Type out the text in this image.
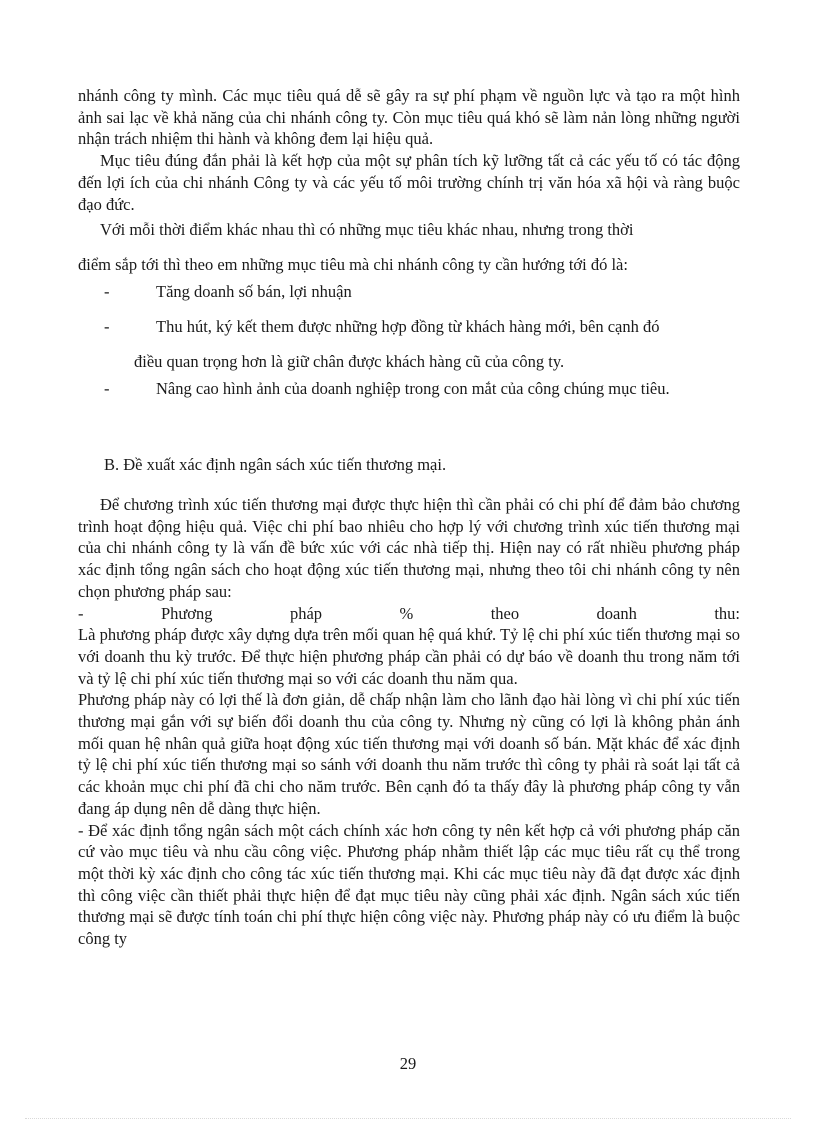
nhánh công ty mình. Các mục tiêu quá dễ sẽ gây ra sự phí phạm về nguồn lực và tạo ra một hình ảnh sai lạc về khả năng của chi nhánh công ty. Còn mục tiêu quá khó sẽ làm nản lòng những người nhận trách nhiệm thi hành và không đem lại hiệu quả.

Mục tiêu đúng đắn phải là kết hợp của một sự phân tích kỹ lưỡng tất cả các yếu tố có tác động đến lợi ích của chi nhánh Công ty và các yếu tố môi trường chính trị văn hóa xã hội và ràng buộc đạo đức.

Với mỗi thời điểm khác nhau thì có những mục tiêu khác nhau, nhưng trong thời
điểm sắp tới thì theo em những mục tiêu mà chi nhánh công ty cần hướng tới đó là:
-	Tăng doanh số bán, lợi nhuận
-	Thu hút, ký kết them được những hợp đồng từ khách hàng mới, bên cạnh đó
điều quan trọng hơn là giữ chân được khách hàng cũ của công ty.
-	Nâng cao hình ảnh của doanh nghiệp trong con mắt của công chúng mục tiêu.
B. Đề xuất xác định ngân sách xúc tiến thương mại.

Để chương trình xúc tiến thương mại được thực hiện thì cần phải có chi phí để đảm bảo chương trình hoạt động hiệu quả. Việc chi phí bao nhiêu cho hợp lý với chương trình xúc tiến thương mại của chi nhánh công ty là vấn đề bức xúc với các nhà tiếp thị. Hiện nay có rất nhiều phương pháp xác định tổng ngân sách cho hoạt động xúc tiến thương mại, nhưng theo tôi chi nhánh công ty nên chọn phương pháp sau:

-	Phương	pháp	%	theo	doanh	thu:

Là phương pháp được xây dựng dựa trên mối quan hệ quá khứ. Tỷ lệ chi phí xúc tiến thương mại so với doanh thu kỳ trước. Để thực hiện phương pháp cần phải có dự báo về doanh thu trong năm tới và tỷ lệ chi phí xúc tiến thương mại so với các doanh thu năm qua.

Phương pháp này có lợi thế là đơn giản, dễ chấp nhận làm cho lãnh đạo hài lòng vì chi phí xúc tiến thương mại gắn với sự biến đổi doanh thu của công ty. Nhưng nỳ cũng có lợi là không phản ánh mối quan hệ nhân quả giữa hoạt động xúc tiến thương mại với doanh số bán. Mặt khác để xác định tỷ lệ chi phí xúc tiến thương mại so sánh với doanh thu năm trước thì công ty phải rà soát lại tất cả các khoản mục chi phí đã chi cho năm trước. Bên cạnh đó ta thấy đây là phương pháp công ty vẫn đang áp dụng nên dễ dàng thực hiện.

- Để xác định tổng ngân sách một cách chính xác hơn công ty nên kết hợp cả với phương pháp căn cứ vào mục tiêu và nhu cầu công việc. Phương pháp nhằm thiết lập các mục tiêu rất cụ thể trong một thời kỳ xác định cho công tác xúc tiến thương mại. Khi các mục tiêu này đã đạt được xác định thì công việc cần thiết phải thực hiện để đạt mục tiêu này cũng phải xác định. Ngân sách xúc tiến thương mại sẽ được tính toán chi phí thực hiện công việc này. Phương pháp này có ưu điểm là buộc công ty

29
